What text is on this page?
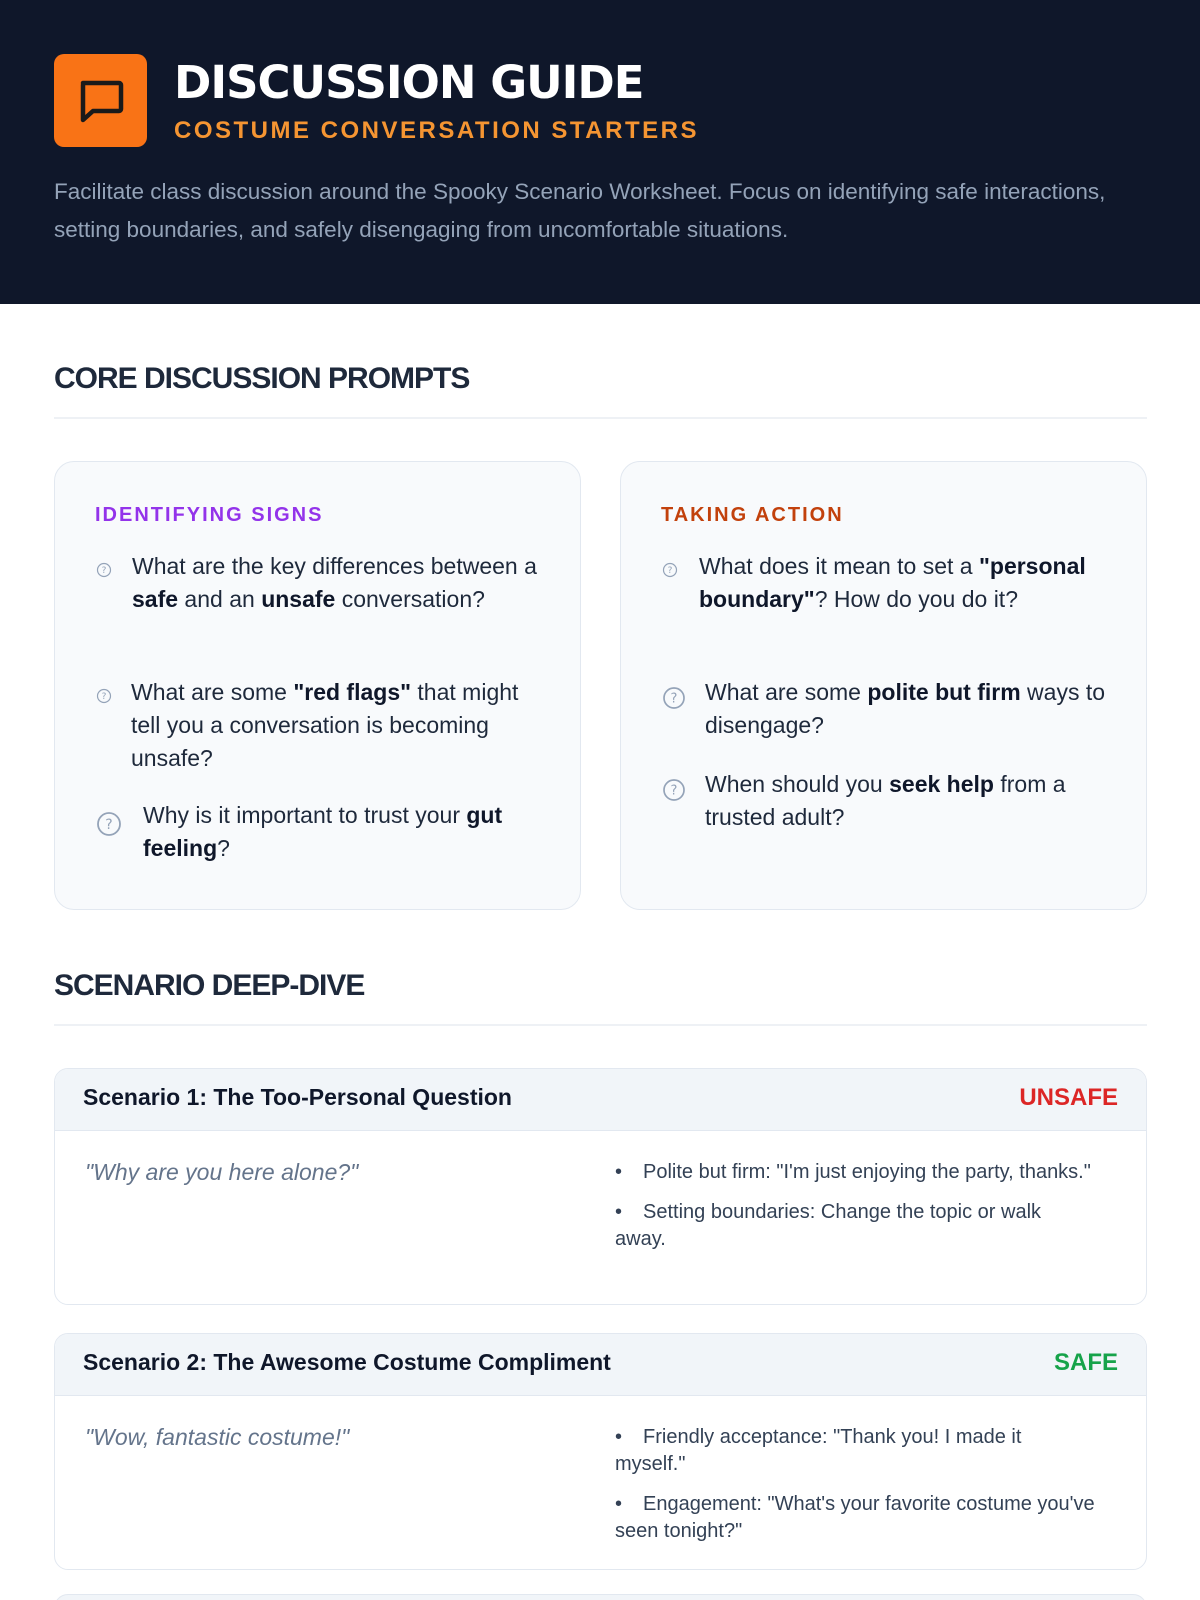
DISCUSSION GUIDE
COSTUME CONVERSATION STARTERS
Facilitate class discussion around the Spooky Scenario Worksheet. Focus on identifying safe interactions, setting boundaries, and safely disengaging from uncomfortable situations.
CORE DISCUSSION PROMPTS
IDENTIFYING SIGNS
? What are the key differences between a safe and an unsafe conversation?
? What are some "red flags" that might tell you a conversation is becoming unsafe?
? Why is it important to trust your gut feeling?
TAKING ACTION
? What does it mean to set a "personal boundary"? How do you do it?
? What are some polite but firm ways to disengage?
? When should you seek help from a trusted adult?
SCENARIO DEEP-DIVE
Scenario 1: The Too-Personal Question	UNSAFE
"Why are you here alone?"	• Polite but firm: "I'm just enjoying the party, thanks."
• Setting boundaries: Change the topic or walk away.
Scenario 2: The Awesome Costume Compliment	SAFE
"Wow, fantastic costume!"	• Friendly acceptance: "Thank you! I made it myself."
• Engagement: "What's your favorite costume you've seen tonight?"
